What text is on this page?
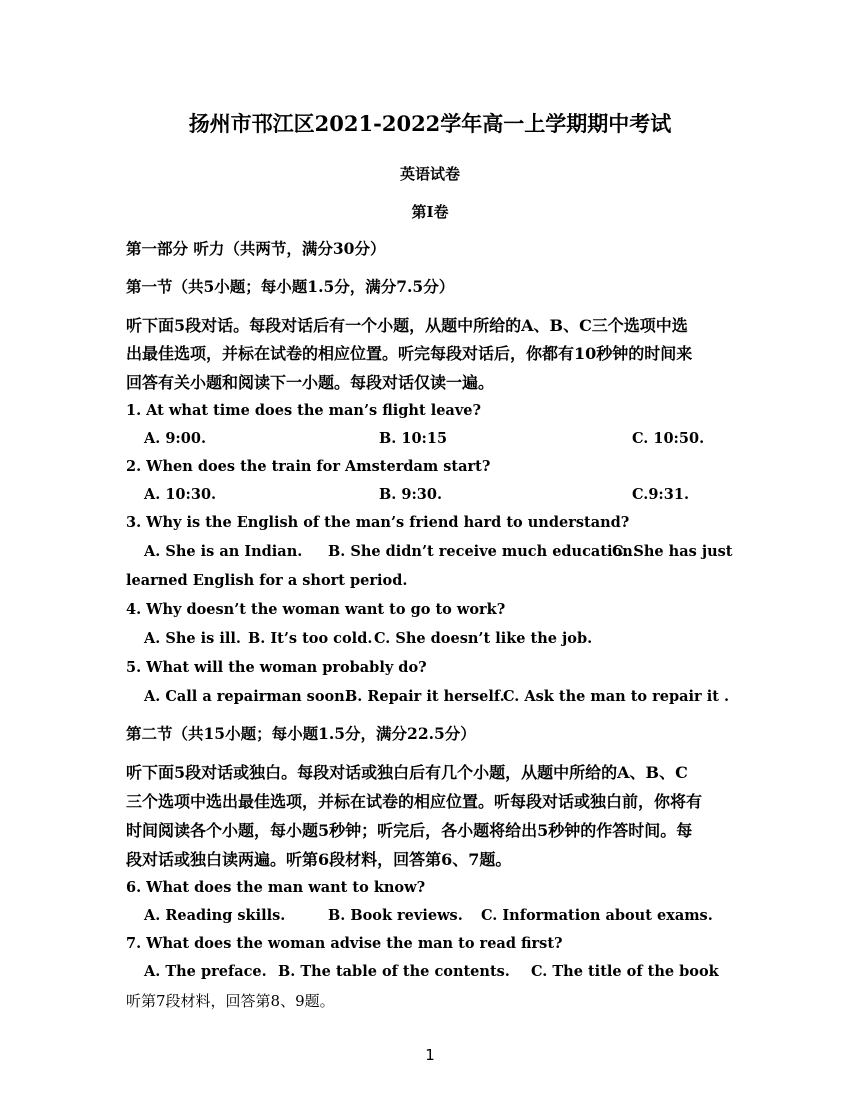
扬州市邗江区2021-2022学年高一上学期期中考试
英语试卷
第I卷
第一部分 听力（共两节，满分30分）
第一节（共5小题；每小题1.5分，满分7.5分）
听下面5段对话。每段对话后有一个小题，从题中所给的A、B、C三个选项中选
出最佳选项，并标在试卷的相应位置。听完每段对话后，你都有10秒钟的时间来
回答有关小题和阅读下一小题。每段对话仅读一遍。
1. At what time does the man’s flight leave?
A. 9:00.	B. 10:15	C. 10:50.
2. When does the train for Amsterdam start?
A. 10:30.	B. 9:30.	C.9:31.
3. Why is the English of the man’s friend hard to understand?
A. She is an Indian. B. She didn’t receive much education.
C. She has just
learned English for a short period.
4. Why doesn’t the woman want to go to work?
A. She is ill. B. It’s too cold. C. She doesn’t like the job.
5. What will the woman probably do?
A. Call a repairman soon.
B. Repair it herself.
C. Ask the man to repair it .
第二节（共15小题；每小题1.5分，满分22.5分）
听下面5段对话或独白。每段对话或独白后有几个小题，从题中所给的A、B、C
三个选项中选出最佳选项，并标在试卷的相应位置。听每段对话或独白前，你将有
时间阅读各个小题，每小题5秒钟；听完后，各小题将给出5秒钟的作答时间。每
段对话或独白读两遍。听第6段材料，回答第6、7题。
6. What does the man want to know?
A. Reading skills.	B. Book reviews. C. Information about exams.
7. What does the woman advise the man to read first?
A. The preface. B. The table of the contents. C. The title of the book
听第7段材料，回答第8、9题。
1
